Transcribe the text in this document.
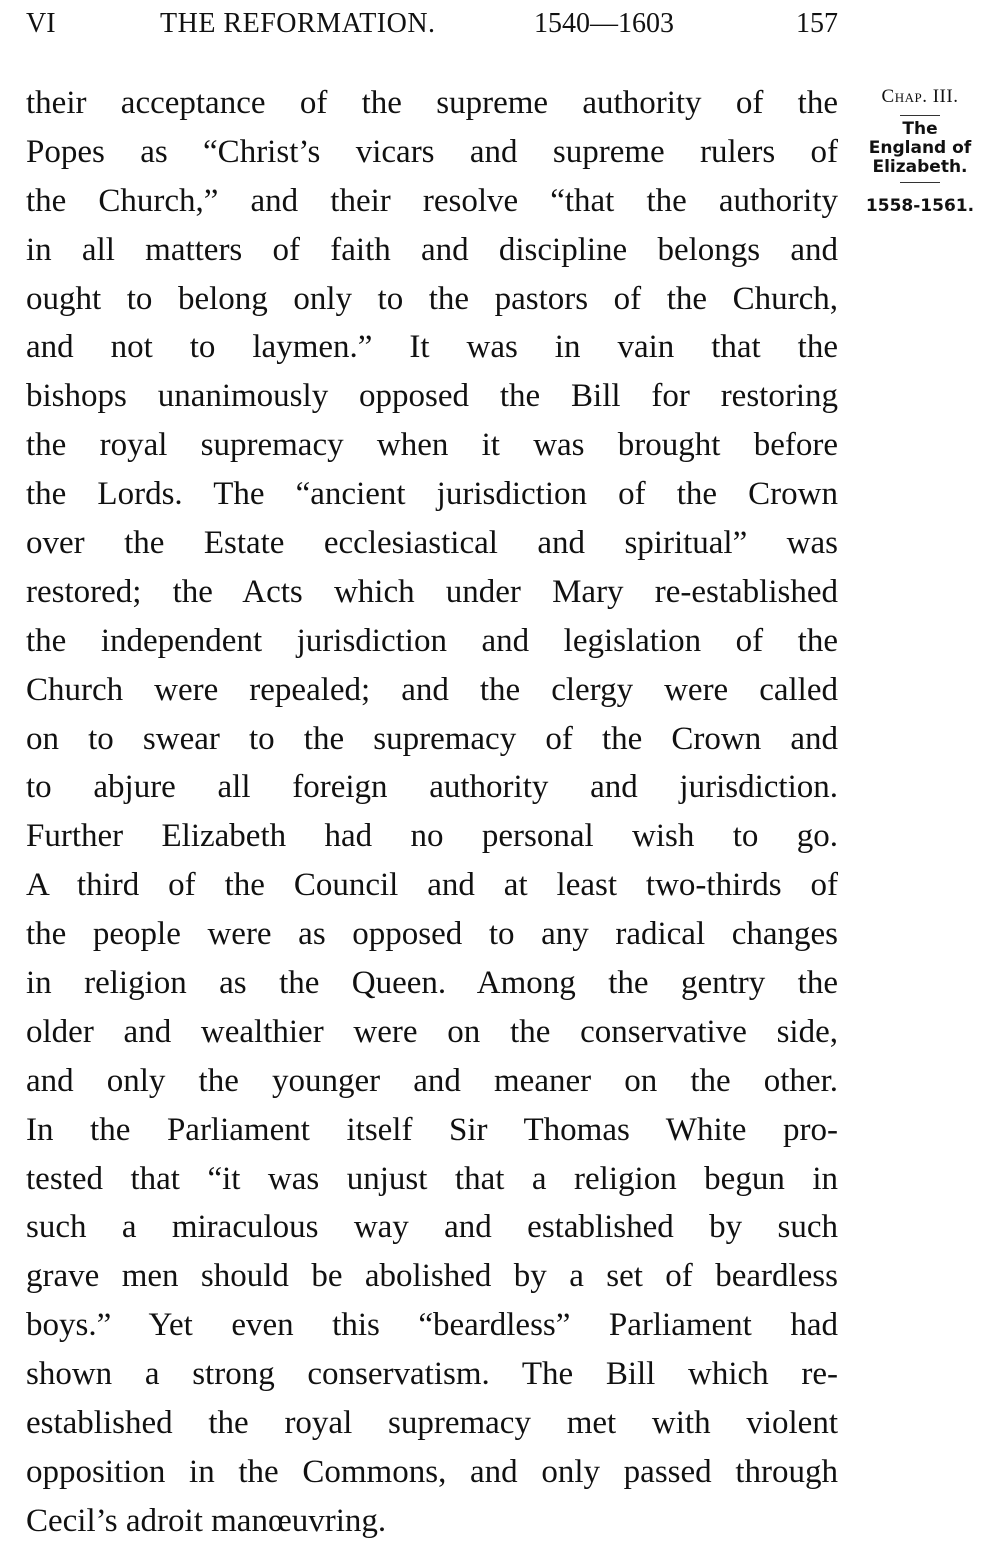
VI	THE REFORMATION.	1540—1603	157
their acceptance of the supreme authority of the
Popes as “Christ’s vicars and supreme rulers of
the Church,” and their resolve “that the authority
in all matters of faith and discipline belongs and
ought to belong only to the pastors of the Church,
and not to laymen.” It was in vain that the
bishops unanimously opposed the Bill for restoring
the royal supremacy when it was brought before
the Lords. The “ancient jurisdiction of the Crown
over the Estate ecclesiastical and spiritual” was
restored; the Acts which under Mary re-established
the independent jurisdiction and legislation of the
Church were repealed; and the clergy were called
on to swear to the supremacy of the Crown and
to abjure all foreign authority and jurisdiction.
Further Elizabeth had no personal wish to go.
A third of the Council and at least two-thirds of
the people were as opposed to any radical changes
in religion as the Queen. Among the gentry the
older and wealthier were on the conservative side,
and only the younger and meaner on the other.
In the Parliament itself Sir Thomas White pro-
tested that “it was unjust that a religion begun in
such a miraculous way and established by such
grave men should be abolished by a set of beardless
boys.” Yet even this “beardless” Parliament had
shown a strong conservatism. The Bill which re-
established the royal supremacy met with violent
opposition in the Commons, and only passed through
Cecil’s adroit manœuvring.
Chap. III.
The
England of
Elizabeth.
1558-1561.
